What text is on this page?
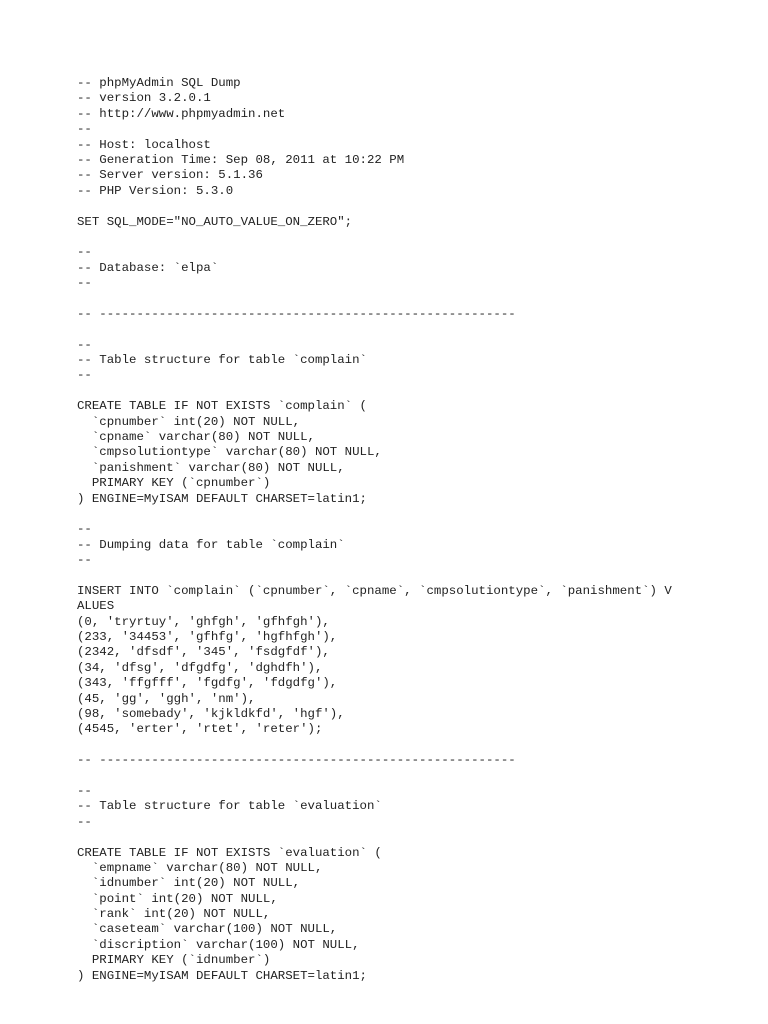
-- phpMyAdmin SQL Dump
-- version 3.2.0.1
-- http://www.phpmyadmin.net
--
-- Host: localhost
-- Generation Time: Sep 08, 2011 at 10:22 PM
-- Server version: 5.1.36
-- PHP Version: 5.3.0
SET SQL_MODE="NO_AUTO_VALUE_ON_ZERO";
--
-- Database: `elpa`
--
-- --------------------------------------------------------
--
-- Table structure for table `complain`
--
CREATE TABLE IF NOT EXISTS `complain` (
`cpnumber` int(20) NOT NULL,
`cpname` varchar(80) NOT NULL,
`cmpsolutiontype` varchar(80) NOT NULL,
`panishment` varchar(80) NOT NULL,
PRIMARY KEY (`cpnumber`)
) ENGINE=MyISAM DEFAULT CHARSET=latin1;
--
-- Dumping data for table `complain`
--
INSERT INTO `complain` (`cpnumber`, `cpname`, `cmpsolutiontype`, `panishment`) V
ALUES
(0, 'tryrtuy', 'ghfgh', 'gfhfgh'),
(233, '34453', 'gfhfg', 'hgfhfgh'),
(2342, 'dfsdf', '345', 'fsdgfdf'),
(34, 'dfsg', 'dfgdfg', 'dghdfh'),
(343, 'ffgfff', 'fgdfg', 'fdgdfg'),
(45, 'gg', 'ggh', 'nm'),
(98, 'somebady', 'kjkldkfd', 'hgf'),
(4545, 'erter', 'rtet', 'reter');
-- --------------------------------------------------------
--
-- Table structure for table `evaluation`
--
CREATE TABLE IF NOT EXISTS `evaluation` (
`empname` varchar(80) NOT NULL,
`idnumber` int(20) NOT NULL,
`point` int(20) NOT NULL,
`rank` int(20) NOT NULL,
`caseteam` varchar(100) NOT NULL,
`discription` varchar(100) NOT NULL,
PRIMARY KEY (`idnumber`)
) ENGINE=MyISAM DEFAULT CHARSET=latin1;
